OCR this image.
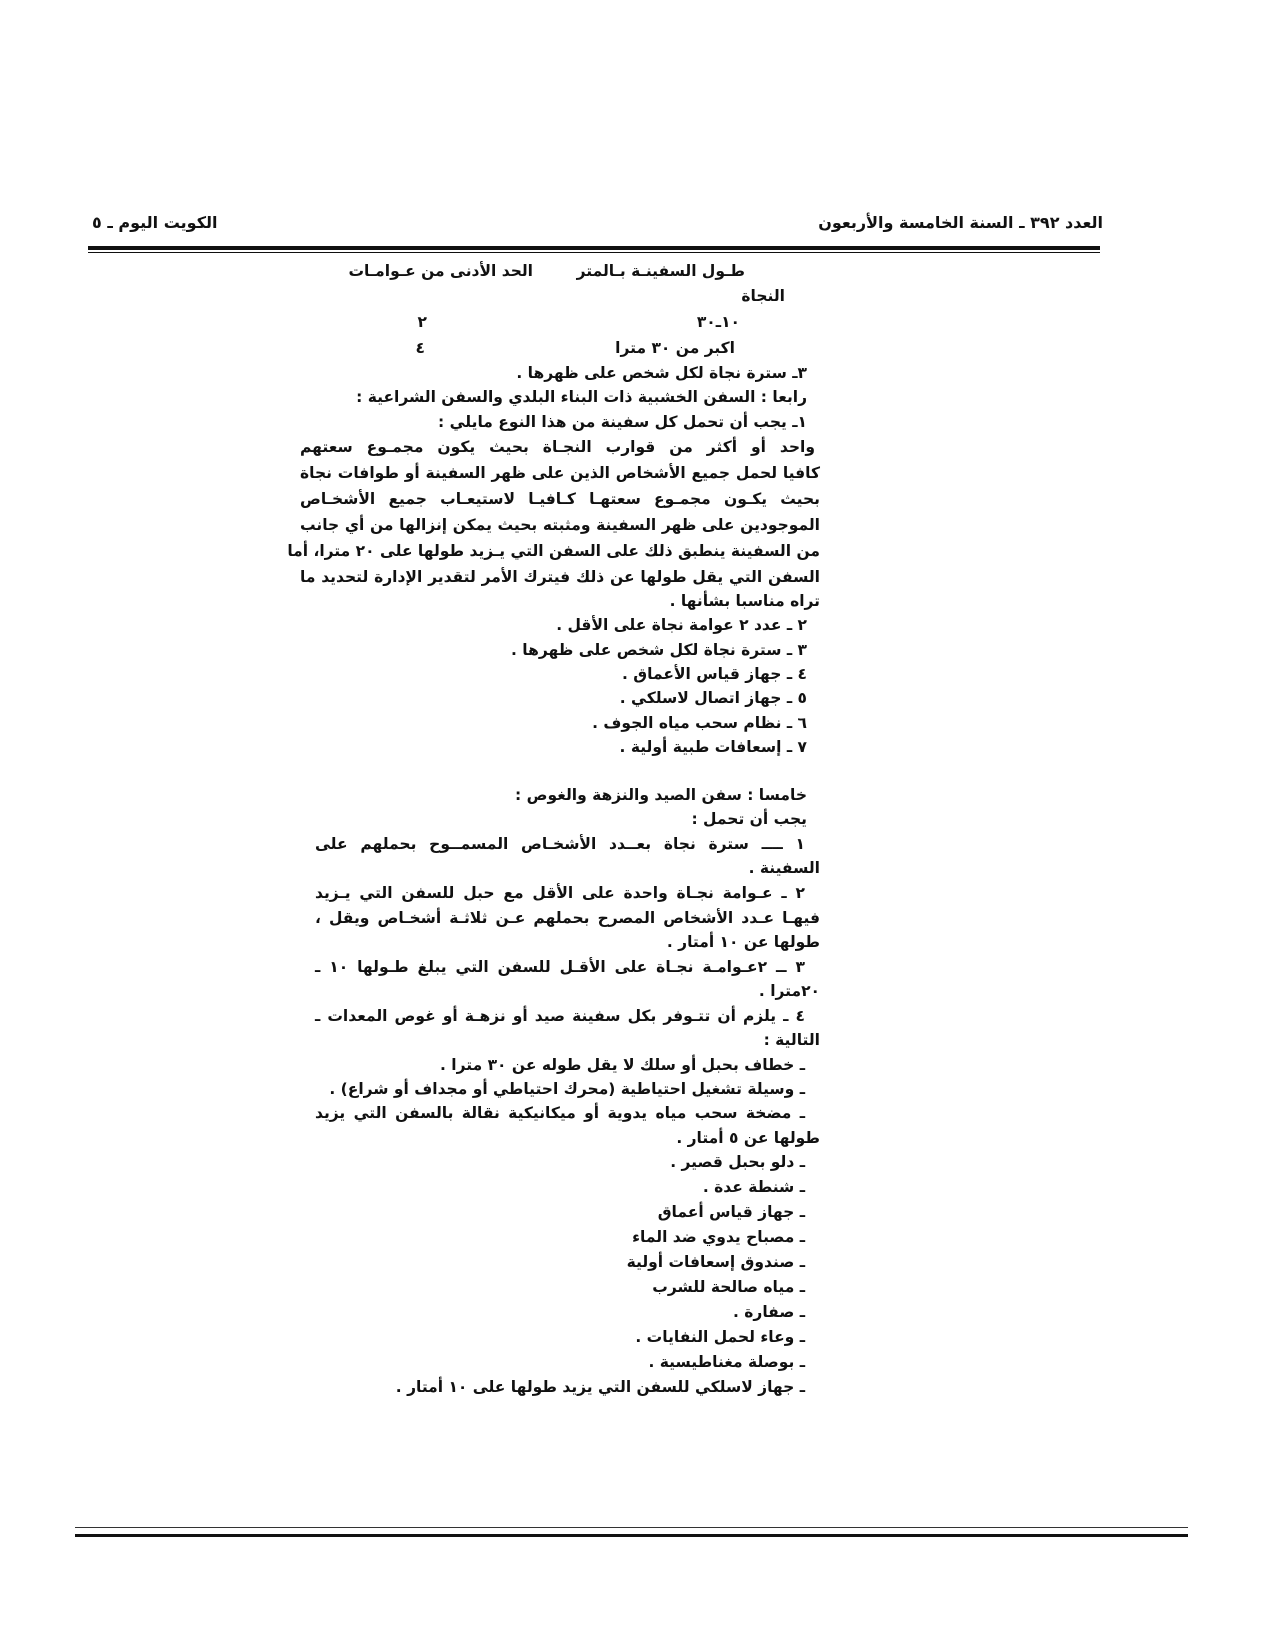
العدد ٣٩٢ ـ السنة الخامسة والأربعون
الكويت اليوم ـ ٥
طـول السفينـة بـالمتر
الحد الأدنى من عـوامـات
النجاة
١٠ـ٣٠
٢
اكبر من ٣٠ مترا
٤
٣ـ سترة نجاة لكل شخص على ظهرها .
رابعا : السفن الخشبية ذات البناء البلدي والسفن الشراعية :
١ـ يجب أن تحمل كل سفينة من هذا النوع مايلي :
واحد أو أكثر من قوارب النجـاة بحيث يكون مجمـوع سعتهم
كافيا لحمل جميع الأشخاص الذين على ظهر السفينة أو طوافات نجاة
بحيث يكـون مجمـوع سعتهـا كـافيـا لاستيعـاب جميع الأشخـاص
الموجودين على ظهر السفينة ومثبته بحيث يمكن إنزالها من أي جانب
من السفينة ينطبق ذلك على السفن التي يـزيد طولها على ٢٠ مترا، أما
السفن التي يقل طولها عن ذلك فيترك الأمر لتقدير الإدارة لتحديد ما
تراه مناسبا بشأنها .
٢ ـ عدد ٢ عوامة نجاة على الأقل .
٣ ـ سترة نجاة لكل شخص على ظهرها .
٤ ـ جهاز قياس الأعماق .
٥ ـ جهاز اتصال لاسلكي .
٦ ـ نظام سحب مياه الجوف .
٧ ـ إسعافات طبية أولية .
خامسا : سفن الصيد والنزهة والغوص :
يجب أن تحمل :
١ ــــ سترة نجاة بعــدد الأشخـاص المسمــوح بحملهم على
السفينة .
٢ ـ عـوامة نجـاة واحدة على الأقل مع حبل للسفن التي يـزيد
فيهـا عـدد الأشخاص المصرح بحملهم عـن ثلاثـة أشخـاص ويقل ،
طولها عن ١٠ أمتار .
٣ ــ ٢عـوامـة نجـاة على الأقـل للسفن التي يبلغ طـولها ١٠ ـ
٢٠مترا .
٤ ـ يلزم أن تتـوفر بكل سفينة صيد أو نزهـة أو غوص المعدات ـ
التالية :
ـ خطاف بحبل أو سلك لا يقل طوله عن ٣٠ مترا .
ـ وسيلة تشغيل احتياطية (محرك احتياطي أو مجداف أو شراع) .
ـ مضخة سحب مياه يدوية أو ميكانيكية نقالة بالسفن التي يزيد
طولها عن ٥ أمتار .
ـ دلو بحبل قصير .
ـ شنطة عدة .
ـ جهاز قياس أعماق
ـ مصباح يدوي ضد الماء
ـ صندوق إسعافات أولية
ـ مياه صالحة للشرب
ـ صفارة .
ـ وعاء لحمل النفايات .
ـ بوصلة مغناطيسية .
ـ جهاز لاسلكي للسفن التي يزيد طولها على ١٠ أمتار .
